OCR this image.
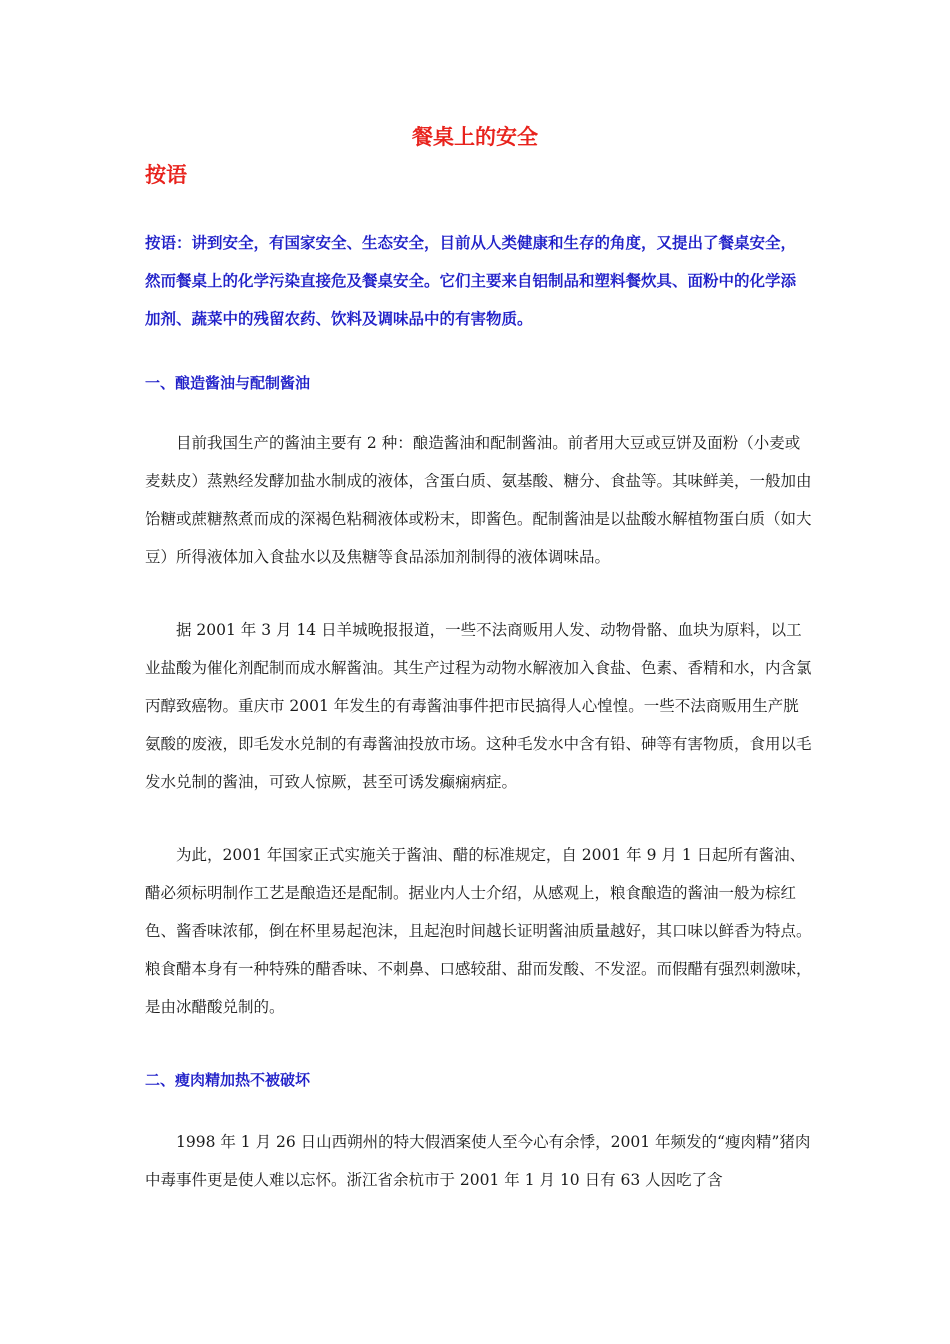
餐桌上的安全
按语

按语：讲到安全，有国家安全、生态安全，目前从人类健康和生存的角度，又提出了餐桌安全，然而餐桌上的化学污染直接危及餐桌安全。它们主要来自铝制品和塑料餐炊具、面粉中的化学添加剂、蔬菜中的残留农药、饮料及调味品中的有害物质。

一、酿造酱油与配制酱油

目前我国生产的酱油主要有 2 种：酿造酱油和配制酱油。前者用大豆或豆饼及面粉（小麦或麦麸皮）蒸熟经发酵加盐水制成的液体，含蛋白质、氨基酸、糖分、食盐等。其味鲜美，一般加由饴糖或蔗糖熬煮而成的深褐色粘稠液体或粉末，即酱色。配制酱油是以盐酸水解植物蛋白质（如大豆）所得液体加入食盐水以及焦糖等食品添加剂制得的液体调味品。

据 2001 年 3 月 14 日羊城晚报报道，一些不法商贩用人发、动物骨骼、血块为原料，以工业盐酸为催化剂配制而成水解酱油。其生产过程为动物水解液加入食盐、色素、香精和水，内含氯丙醇致癌物。重庆市 2001 年发生的有毒酱油事件把市民搞得人心惶惶。一些不法商贩用生产胱氨酸的废液，即毛发水兑制的有毒酱油投放市场。这种毛发水中含有铅、砷等有害物质，食用以毛发水兑制的酱油，可致人惊厥，甚至可诱发癫痫病症。

为此，2001 年国家正式实施关于酱油、醋的标准规定，自 2001 年 9 月 1 日起所有酱油、醋必须标明制作工艺是酿造还是配制。据业内人士介绍，从感观上，粮食酿造的酱油一般为棕红色、酱香味浓郁，倒在杯里易起泡沫，且起泡时间越长证明酱油质量越好，其口味以鲜香为特点。粮食醋本身有一种特殊的醋香味、不刺鼻、口感较甜、甜而发酸、不发涩。而假醋有强烈刺激味，是由冰醋酸兑制的。

二、瘦肉精加热不被破坏

1998 年 1 月 26 日山西朔州的特大假酒案使人至今心有余悸，2001 年频发的“瘦肉精”猪肉中毒事件更是使人难以忘怀。浙江省余杭市于 2001 年 1 月 10 日有 63 人因吃了含
